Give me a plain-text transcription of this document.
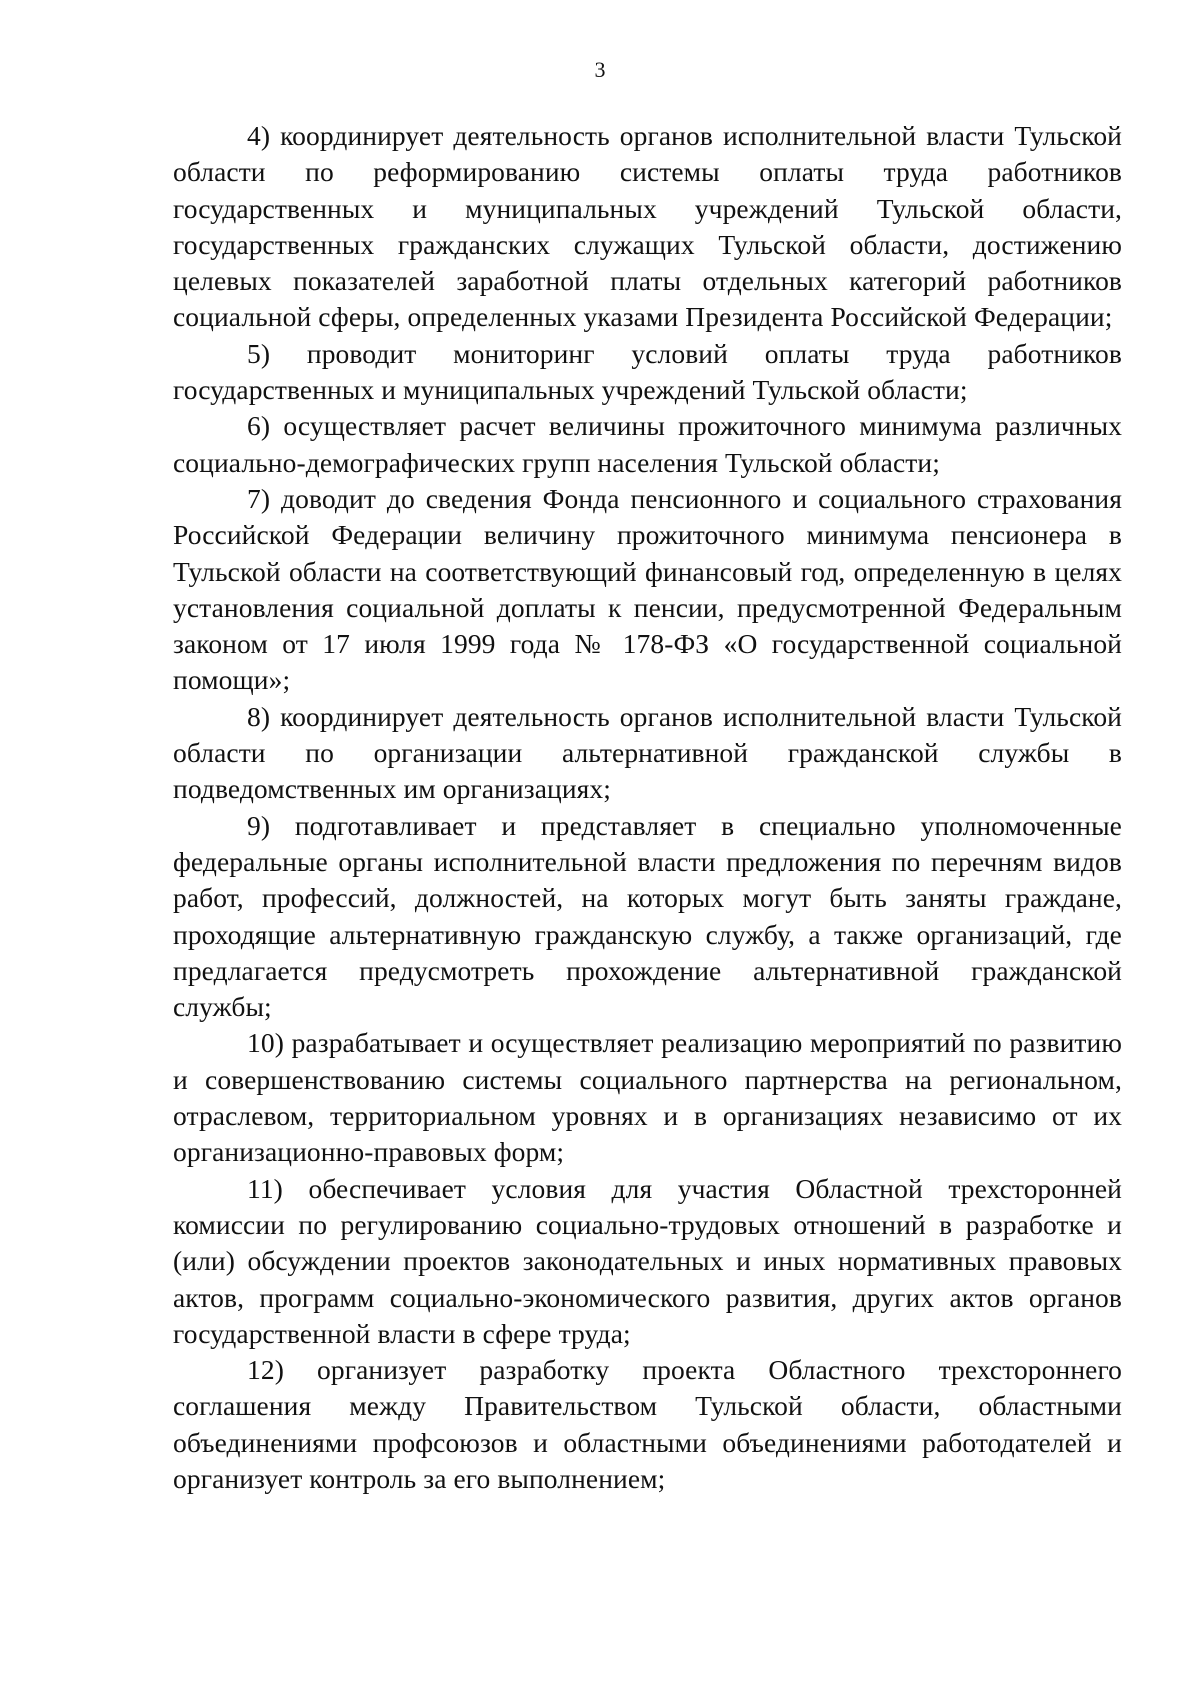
3

4) координирует деятельность органов исполнительной власти Тульской области по реформированию системы оплаты труда работников государственных и муниципальных учреждений Тульской области, государственных гражданских служащих Тульской области, достижению целевых показателей заработной платы отдельных категорий работников социальной сферы, определенных указами Президента Российской Федерации;

5) проводит мониторинг условий оплаты труда работников государственных и муниципальных учреждений Тульской области;

6) осуществляет расчет величины прожиточного минимума различных социально-демографических групп населения Тульской области;

7) доводит до сведения Фонда пенсионного и социального страхования Российской Федерации величину прожиточного минимума пенсионера в Тульской области на соответствующий финансовый год, определенную в целях установления социальной доплаты к пенсии, предусмотренной Федеральным законом от 17 июля 1999 года № 178-ФЗ «О государственной социальной помощи»;

8) координирует деятельность органов исполнительной власти Тульской области по организации альтернативной гражданской службы в подведомственных им организациях;

9) подготавливает и представляет в специально уполномоченные федеральные органы исполнительной власти предложения по перечням видов работ, профессий, должностей, на которых могут быть заняты граждане, проходящие альтернативную гражданскую службу, а также организаций, где предлагается предусмотреть прохождение альтернативной гражданской службы;

10) разрабатывает и осуществляет реализацию мероприятий по развитию и совершенствованию системы социального партнерства на региональном, отраслевом, территориальном уровнях и в организациях независимо от их организационно-правовых форм;

11) обеспечивает условия для участия Областной трехсторонней комиссии по регулированию социально-трудовых отношений в разработке и (или) обсуждении проектов законодательных и иных нормативных правовых актов, программ социально-экономического развития, других актов органов государственной власти в сфере труда;

12) организует разработку проекта Областного трехстороннего соглашения между Правительством Тульской области, областными объединениями профсоюзов и областными объединениями работодателей и организует контроль за его выполнением;
